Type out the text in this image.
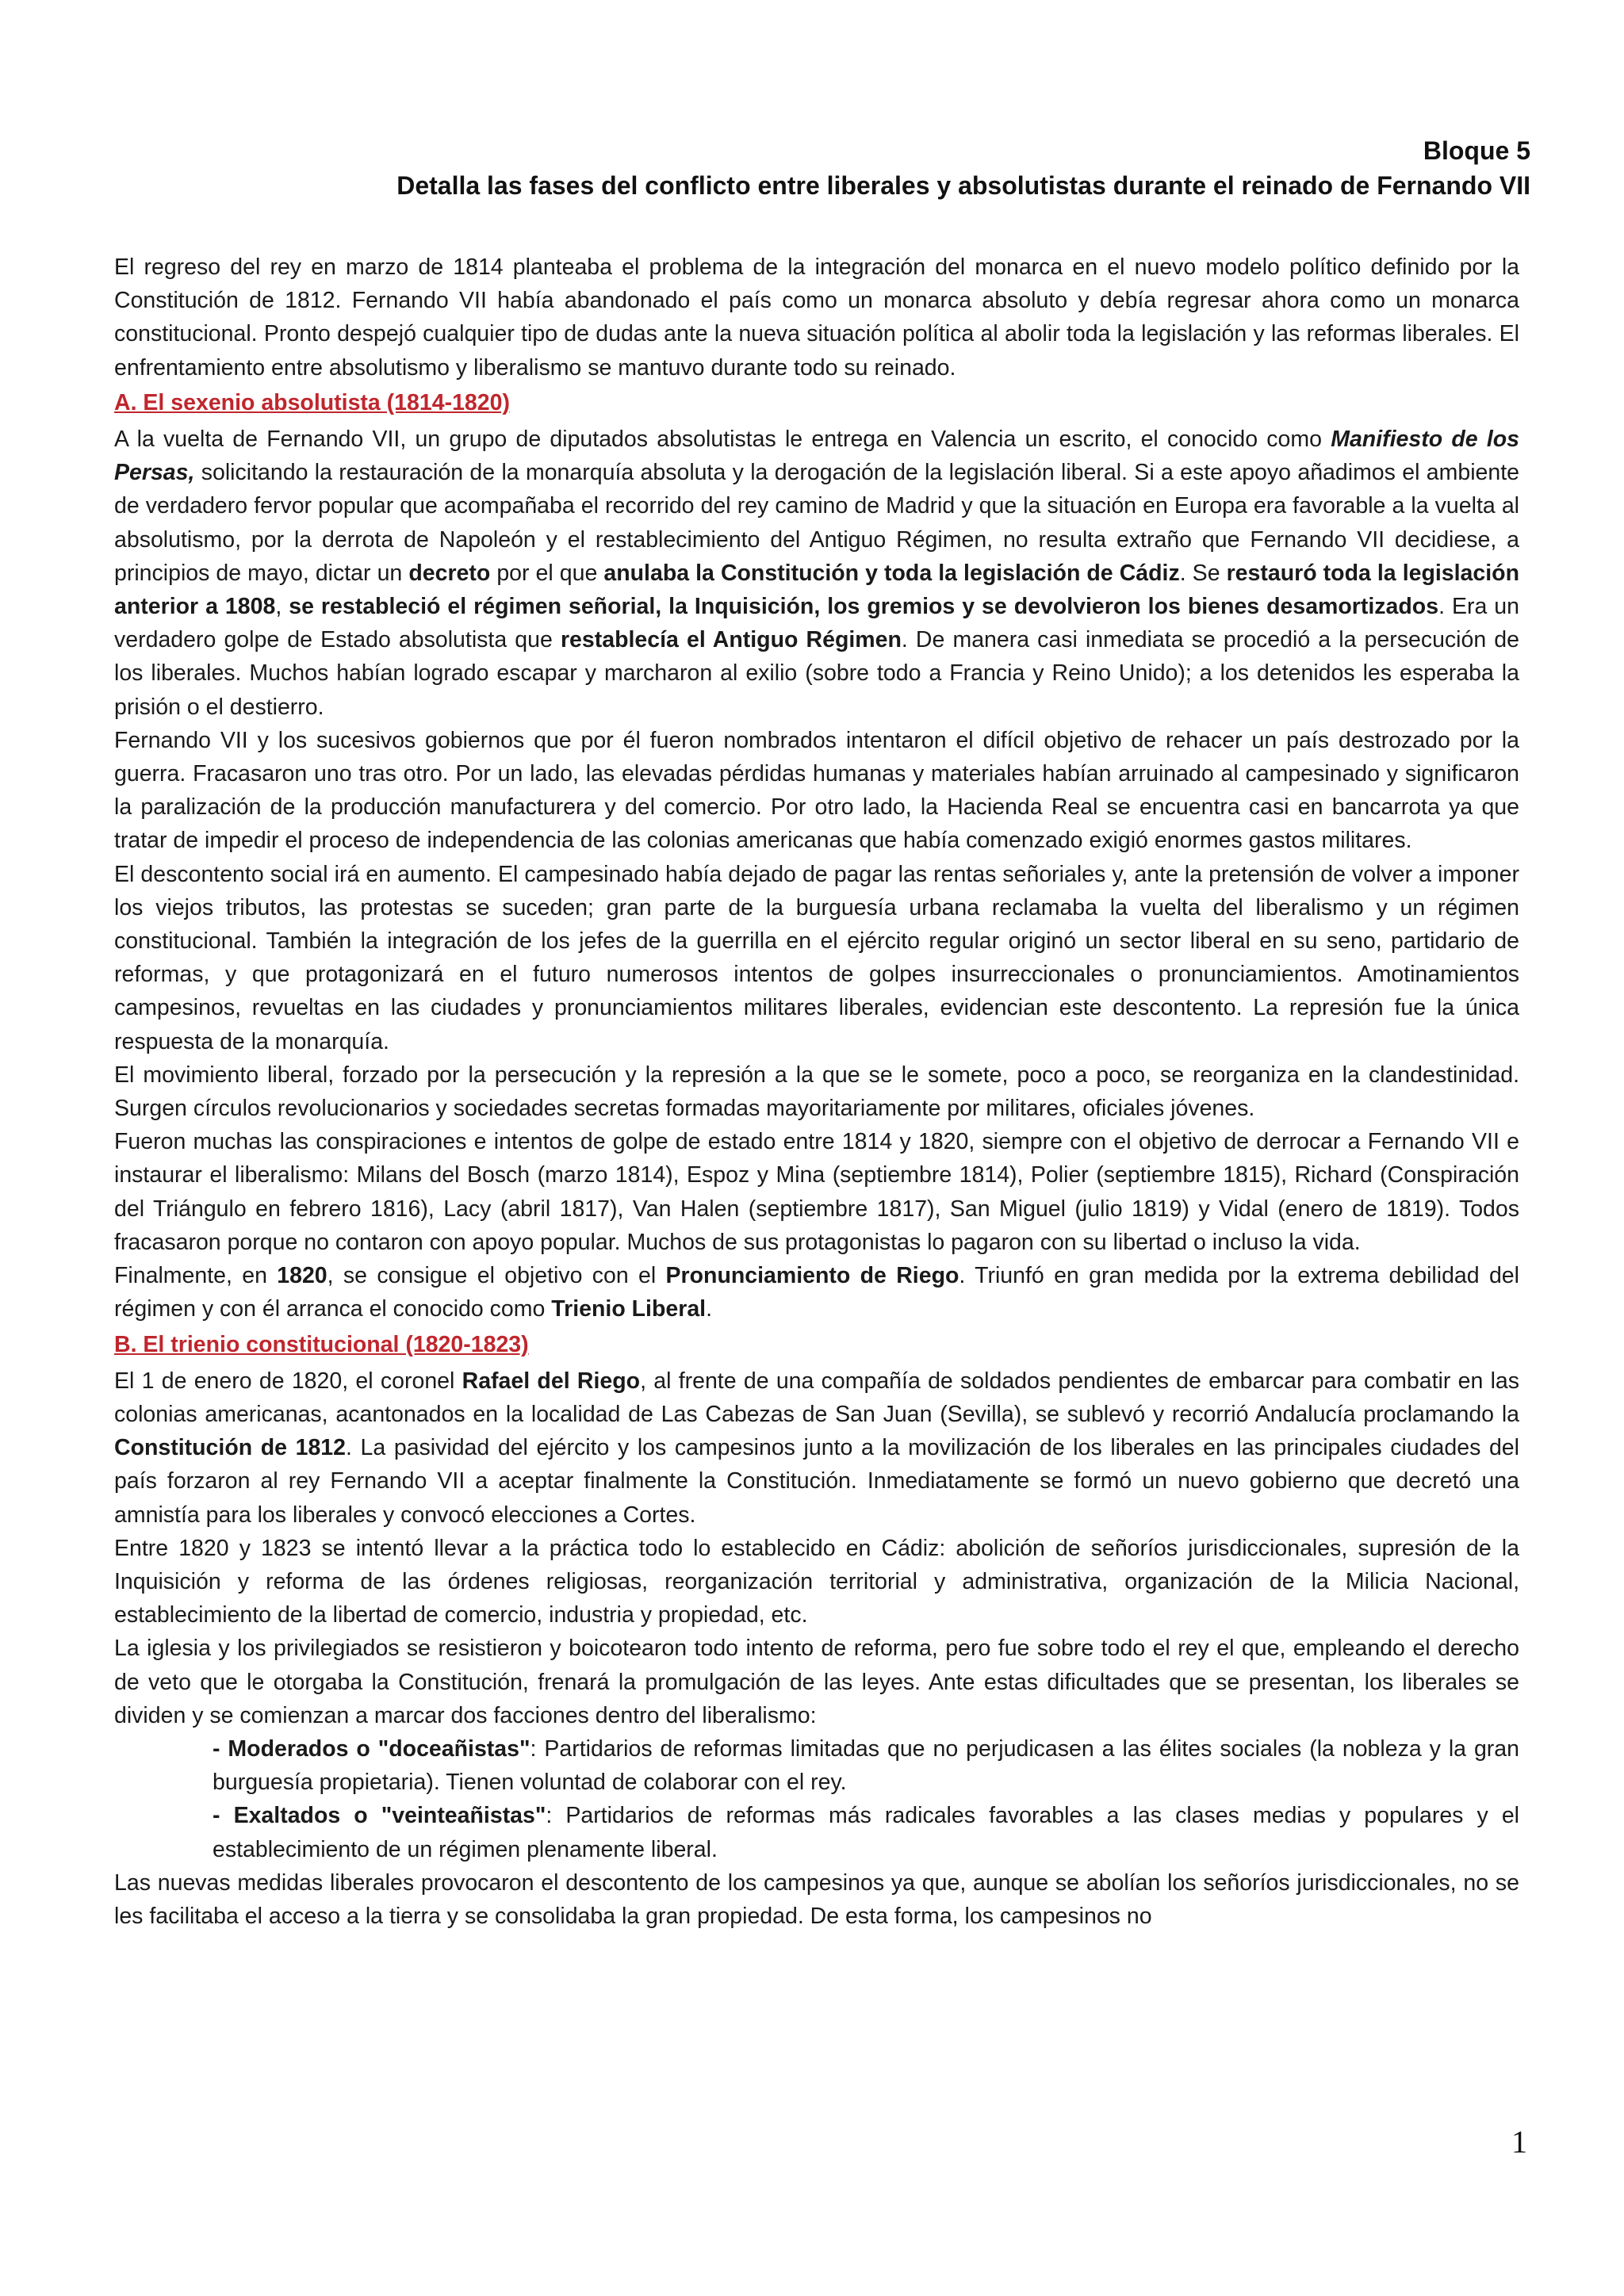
Bloque 5
Detalla las fases del conflicto entre liberales y absolutistas durante el reinado de Fernando VII

El regreso del rey en marzo de 1814 planteaba el problema de la integración del monarca en el nuevo modelo político definido por la Constitución de 1812. Fernando VII había abandonado el país como un monarca absoluto y debía regresar ahora como un monarca constitucional. Pronto despejó cualquier tipo de dudas ante la nueva situación política al abolir toda la legislación y las reformas liberales. El enfrentamiento entre absolutismo y liberalismo se mantuvo durante todo su reinado.

A. El sexenio absolutista (1814-1820)

A la vuelta de Fernando VII, un grupo de diputados absolutistas le entrega en Valencia un escrito, el conocido como Manifiesto de los Persas, solicitando la restauración de la monarquía absoluta y la derogación de la legislación liberal. Si a este apoyo añadimos el ambiente de verdadero fervor popular que acompañaba el recorrido del rey camino de Madrid y que la situación en Europa era favorable a la vuelta al absolutismo, por la derrota de Napoleón y el restablecimiento del Antiguo Régimen, no resulta extraño que Fernando VII decidiese, a principios de mayo, dictar un decreto por el que anulaba la Constitución y toda la legislación de Cádiz. Se restauró toda la legislación anterior a 1808, se restableció el régimen señorial, la Inquisición, los gremios y se devolvieron los bienes desamortizados. Era un verdadero golpe de Estado absolutista que restablecía el Antiguo Régimen. De manera casi inmediata se procedió a la persecución de los liberales. Muchos habían logrado escapar y marcharon al exilio (sobre todo a Francia y Reino Unido); a los detenidos les esperaba la prisión o el destierro.

Fernando VII y los sucesivos gobiernos que por él fueron nombrados intentaron el difícil objetivo de rehacer un país destrozado por la guerra. Fracasaron uno tras otro. Por un lado, las elevadas pérdidas humanas y materiales habían arruinado al campesinado y significaron la paralización de la producción manufacturera y del comercio. Por otro lado, la Hacienda Real se encuentra casi en bancarrota ya que tratar de impedir el proceso de independencia de las colonias americanas que había comenzado exigió enormes gastos militares.

El descontento social irá en aumento. El campesinado había dejado de pagar las rentas señoriales y, ante la pretensión de volver a imponer los viejos tributos, las protestas se suceden; gran parte de la burguesía urbana reclamaba la vuelta del liberalismo y un régimen constitucional. También la integración de los jefes de la guerrilla en el ejército regular originó un sector liberal en su seno, partidario de reformas, y que protagonizará en el futuro numerosos intentos de golpes insurreccionales o pronunciamientos. Amotinamientos campesinos, revueltas en las ciudades y pronunciamientos militares liberales, evidencian este descontento. La represión fue la única respuesta de la monarquía.

El movimiento liberal, forzado por la persecución y la represión a la que se le somete, poco a poco, se reorganiza en la clandestinidad. Surgen círculos revolucionarios y sociedades secretas formadas mayoritariamente por militares, oficiales jóvenes.

Fueron muchas las conspiraciones e intentos de golpe de estado entre 1814 y 1820, siempre con el objetivo de derrocar a Fernando VII e instaurar el liberalismo: Milans del Bosch (marzo 1814), Espoz y Mina (septiembre 1814), Polier (septiembre 1815), Richard (Conspiración del Triángulo en febrero 1816), Lacy (abril 1817), Van Halen (septiembre 1817), San Miguel (julio 1819) y Vidal (enero de 1819). Todos fracasaron porque no contaron con apoyo popular. Muchos de sus protagonistas lo pagaron con su libertad o incluso la vida.

Finalmente, en 1820, se consigue el objetivo con el Pronunciamiento de Riego. Triunfó en gran medida por la extrema debilidad del régimen y con él arranca el conocido como Trienio Liberal.

B. El trienio constitucional (1820-1823)

El 1 de enero de 1820, el coronel Rafael del Riego, al frente de una compañía de soldados pendientes de embarcar para combatir en las colonias americanas, acantonados en la localidad de Las Cabezas de San Juan (Sevilla), se sublevó y recorrió Andalucía proclamando la Constitución de 1812. La pasividad del ejército y los campesinos junto a la movilización de los liberales en las principales ciudades del país forzaron al rey Fernando VII a aceptar finalmente la Constitución. Inmediatamente se formó un nuevo gobierno que decretó una amnistía para los liberales y convocó elecciones a Cortes.

Entre 1820 y 1823 se intentó llevar a la práctica todo lo establecido en Cádiz: abolición de señoríos jurisdiccionales, supresión de la Inquisición y reforma de las órdenes religiosas, reorganización territorial y administrativa, organización de la Milicia Nacional, establecimiento de la libertad de comercio, industria y propiedad, etc.

La iglesia y los privilegiados se resistieron y boicotearon todo intento de reforma, pero fue sobre todo el rey el que, empleando el derecho de veto que le otorgaba la Constitución, frenará la promulgación de las leyes. Ante estas dificultades que se presentan, los liberales se dividen y se comienzan a marcar dos facciones dentro del liberalismo:

- Moderados o "doceañistas": Partidarios de reformas limitadas que no perjudicasen a las élites sociales (la nobleza y la gran burguesía propietaria). Tienen voluntad de colaborar con el rey.

- Exaltados o "veinteañistas": Partidarios de reformas más radicales favorables a las clases medias y populares y el establecimiento de un régimen plenamente liberal.

Las nuevas medidas liberales provocaron el descontento de los campesinos ya que, aunque se abolían los señoríos jurisdiccionales, no se les facilitaba el acceso a la tierra y se consolidaba la gran propiedad. De esta forma, los campesinos no

1
